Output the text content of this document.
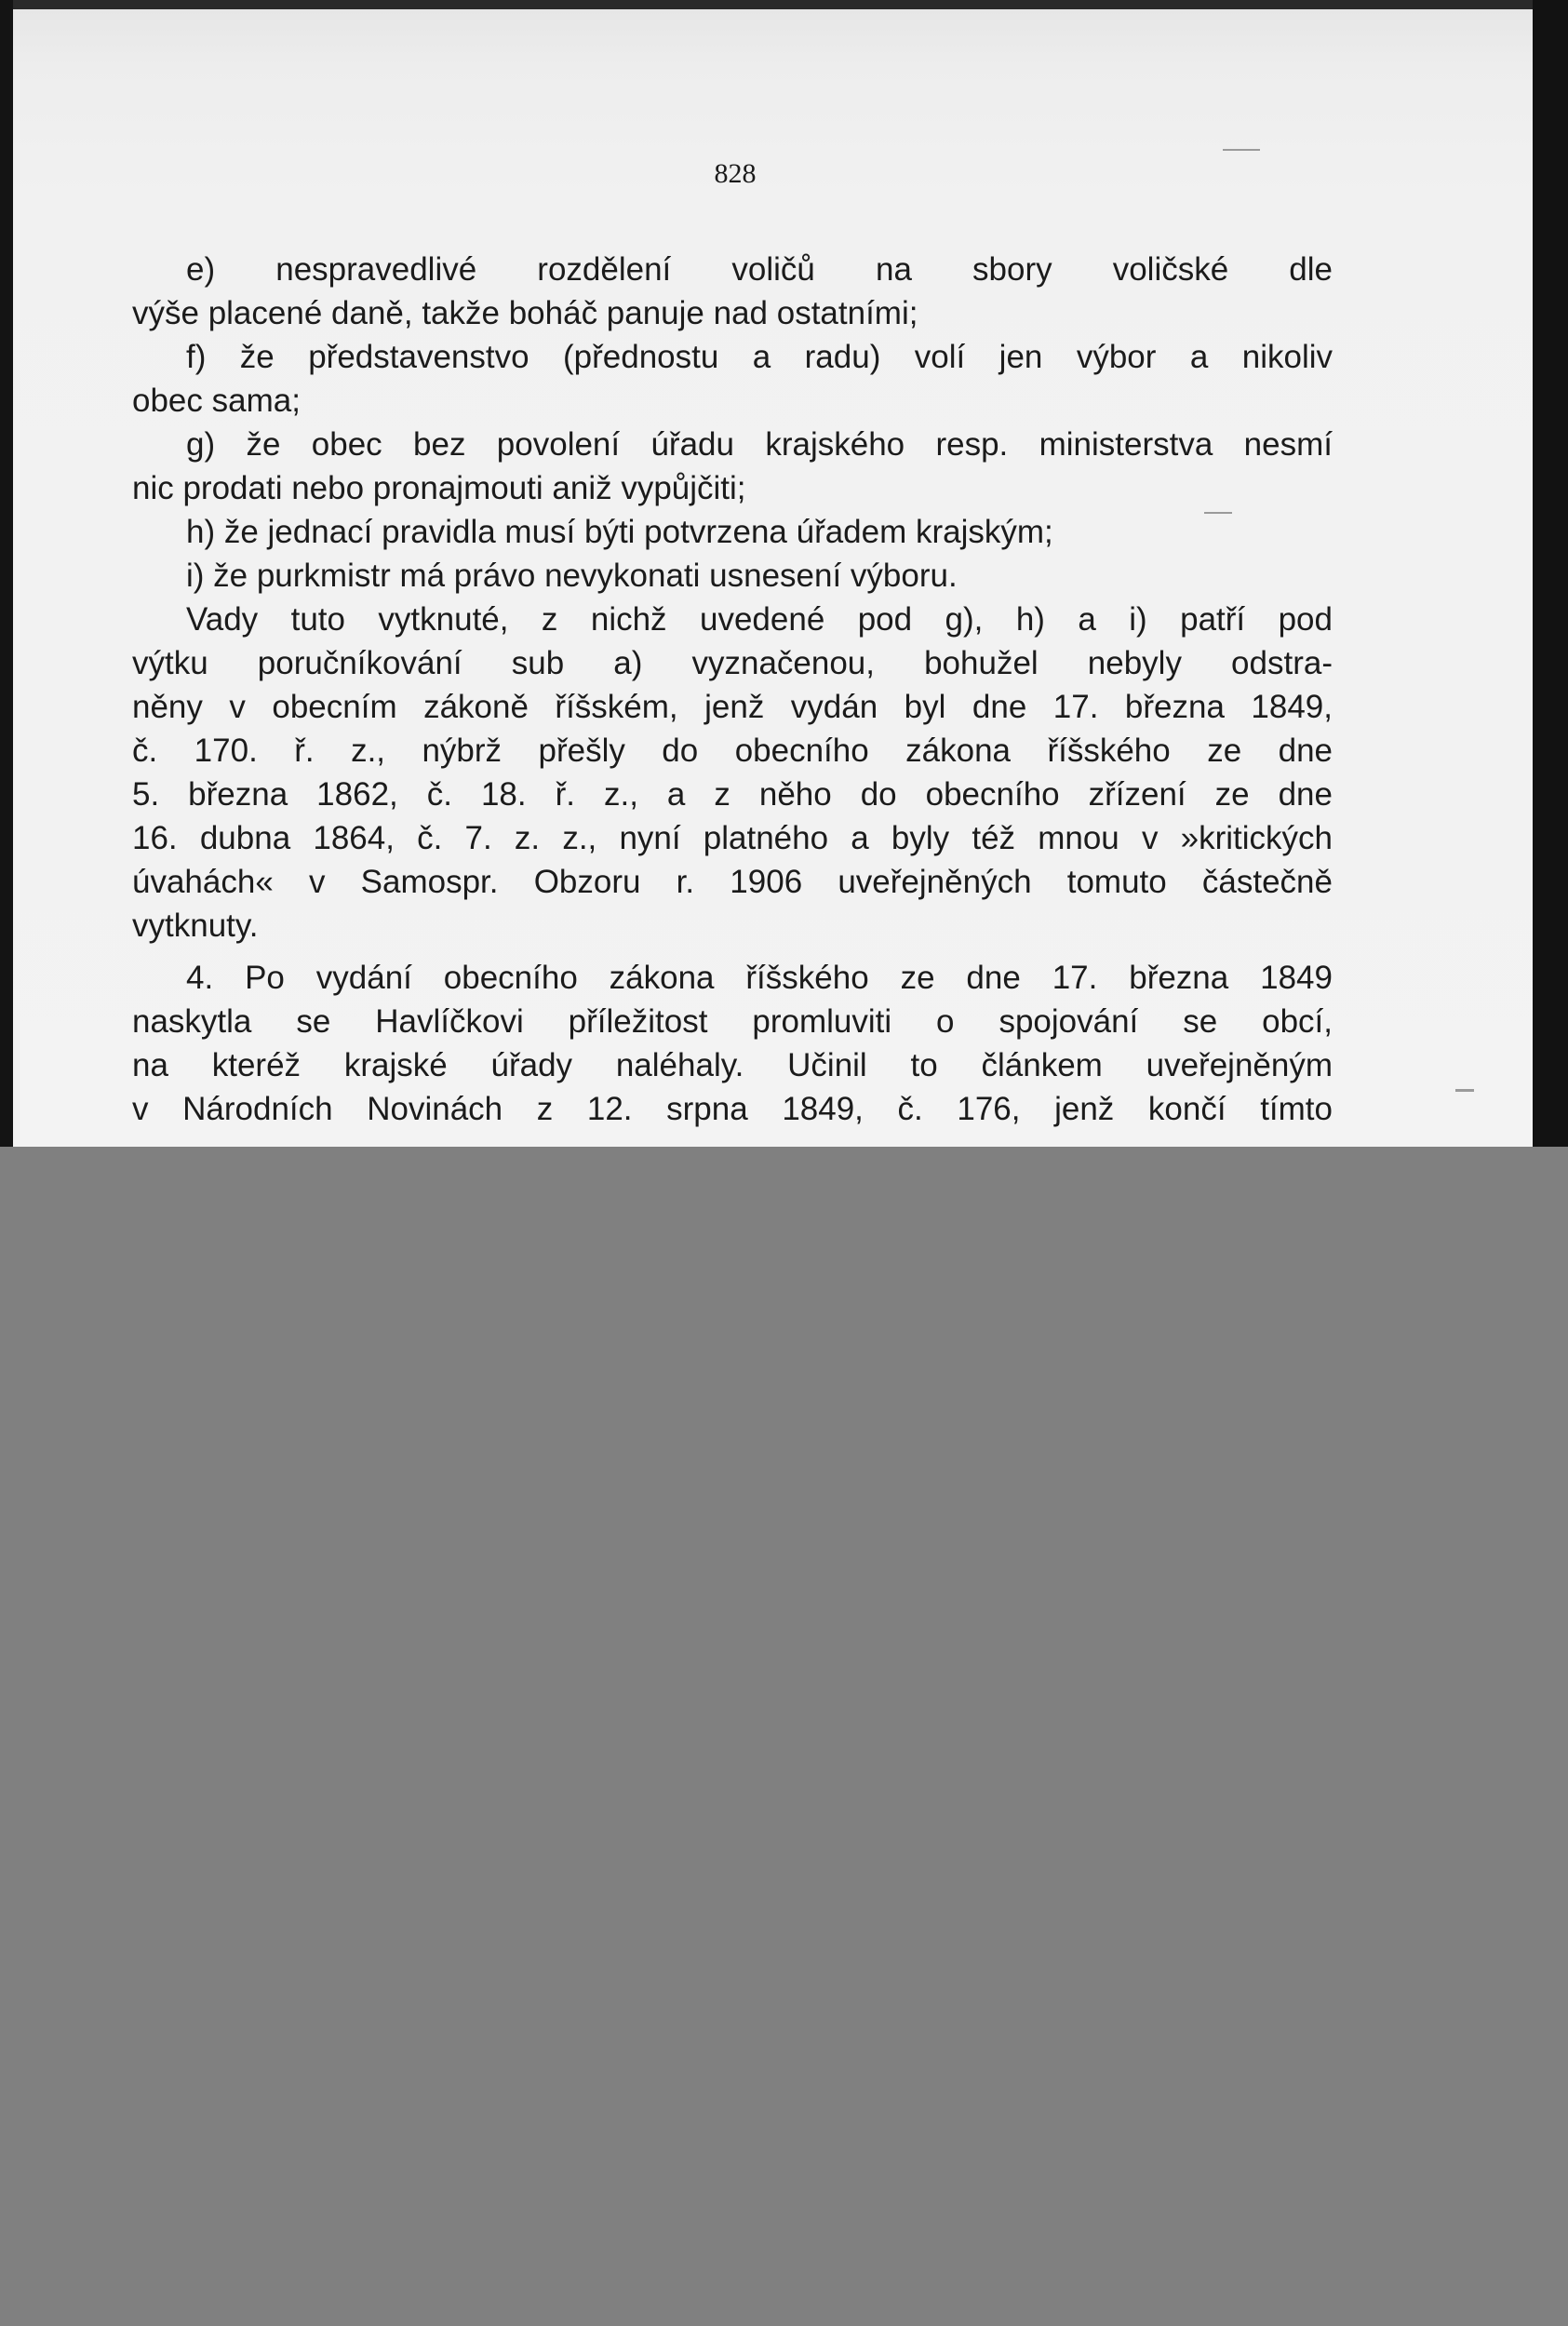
828
e) nespravedlivé rozdělení voličů na sbory voličské dle
výše placené daně, takže boháč panuje nad ostatními;
f) že představenstvo (přednostu a radu) volí jen výbor a nikoliv
obec sama;
g) že obec bez povolení úřadu krajského resp. ministerstva nesmí
nic prodati nebo pronajmouti aniž vypůjčiti;
h) že jednací pravidla musí býti potvrzena úřadem krajským;
i) že purkmistr má právo nevykonati usnesení výboru.
Vady tuto vytknuté, z nichž uvedené pod g), h) a i) patří pod
výtku poručníkování sub a) vyznačenou, bohužel nebyly odstra-
něny v obecním zákoně říšském, jenž vydán byl dne 17. března 1849,
č. 170. ř. z., nýbrž přešly do obecního zákona říšského ze dne
5. března 1862, č. 18. ř. z., a z něho do obecního zřízení ze dne
16. dubna 1864, č. 7. z. z., nyní platného a byly též mnou v »kritických
úvahách« v Samospr. Obzoru r. 1906 uveřejněných tomuto částečně
vytknuty.
4. Po vydání obecního zákona říšského ze dne 17. března 1849
naskytla se Havlíčkovi příležitost promluviti o spojování se obcí,
na kteréž krajské úřady naléhaly. Učinil to článkem uveřejněným
v Národních Novinách z 12. srpna 1849, č. 176, jenž končí tímto
